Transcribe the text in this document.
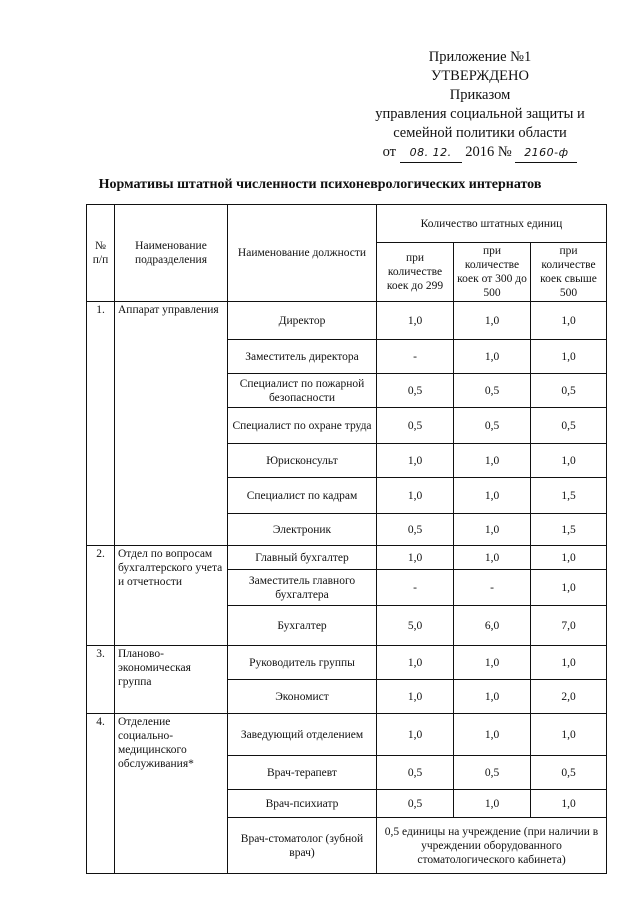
Приложение №1
УТВЕРЖДЕНО
Приказом
управления социальной защиты и
семейной политики области
от 08. 12. 2016 № 2160-ф
Нормативы штатной численности психоневрологических интернатов
№ п/п	Наименование подразделения	Наименование должности	Количество штатных единиц		
			при количестве коек до 299	при количестве коек от 300 до 500	при количестве коек свыше 500
1.	Аппарат управления	Директор	1,0	1,0	1,0
		Заместитель директора	-	1,0	1,0
		Специалист по пожарной безопасности	0,5	0,5	0,5
		Специалист по охране труда	0,5	0,5	0,5
		Юрисконсульт	1,0	1,0	1,0
		Специалист по кадрам	1,0	1,0	1,5
		Электроник	0,5	1,0	1,5
2.	Отдел по вопросам бухгалтерского учета и отчетности	Главный бухгалтер	1,0	1,0	1,0
		Заместитель главного бухгалтера	-	-	1,0
		Бухгалтер	5,0	6,0	7,0
3.	Планово-экономическая группа	Руководитель группы	1,0	1,0	1,0
		Экономист	1,0	1,0	2,0
4.	Отделение социально-медицинского обслуживания*	Заведующий отделением	1,0	1,0	1,0
		Врач-терапевт	0,5	0,5	0,5
		Врач-психиатр	0,5	1,0	1,0
		Врач-стоматолог (зубной врач)	0,5 единицы на учреждение (при наличии в учреждении оборудованного стоматологического кабинета)		
